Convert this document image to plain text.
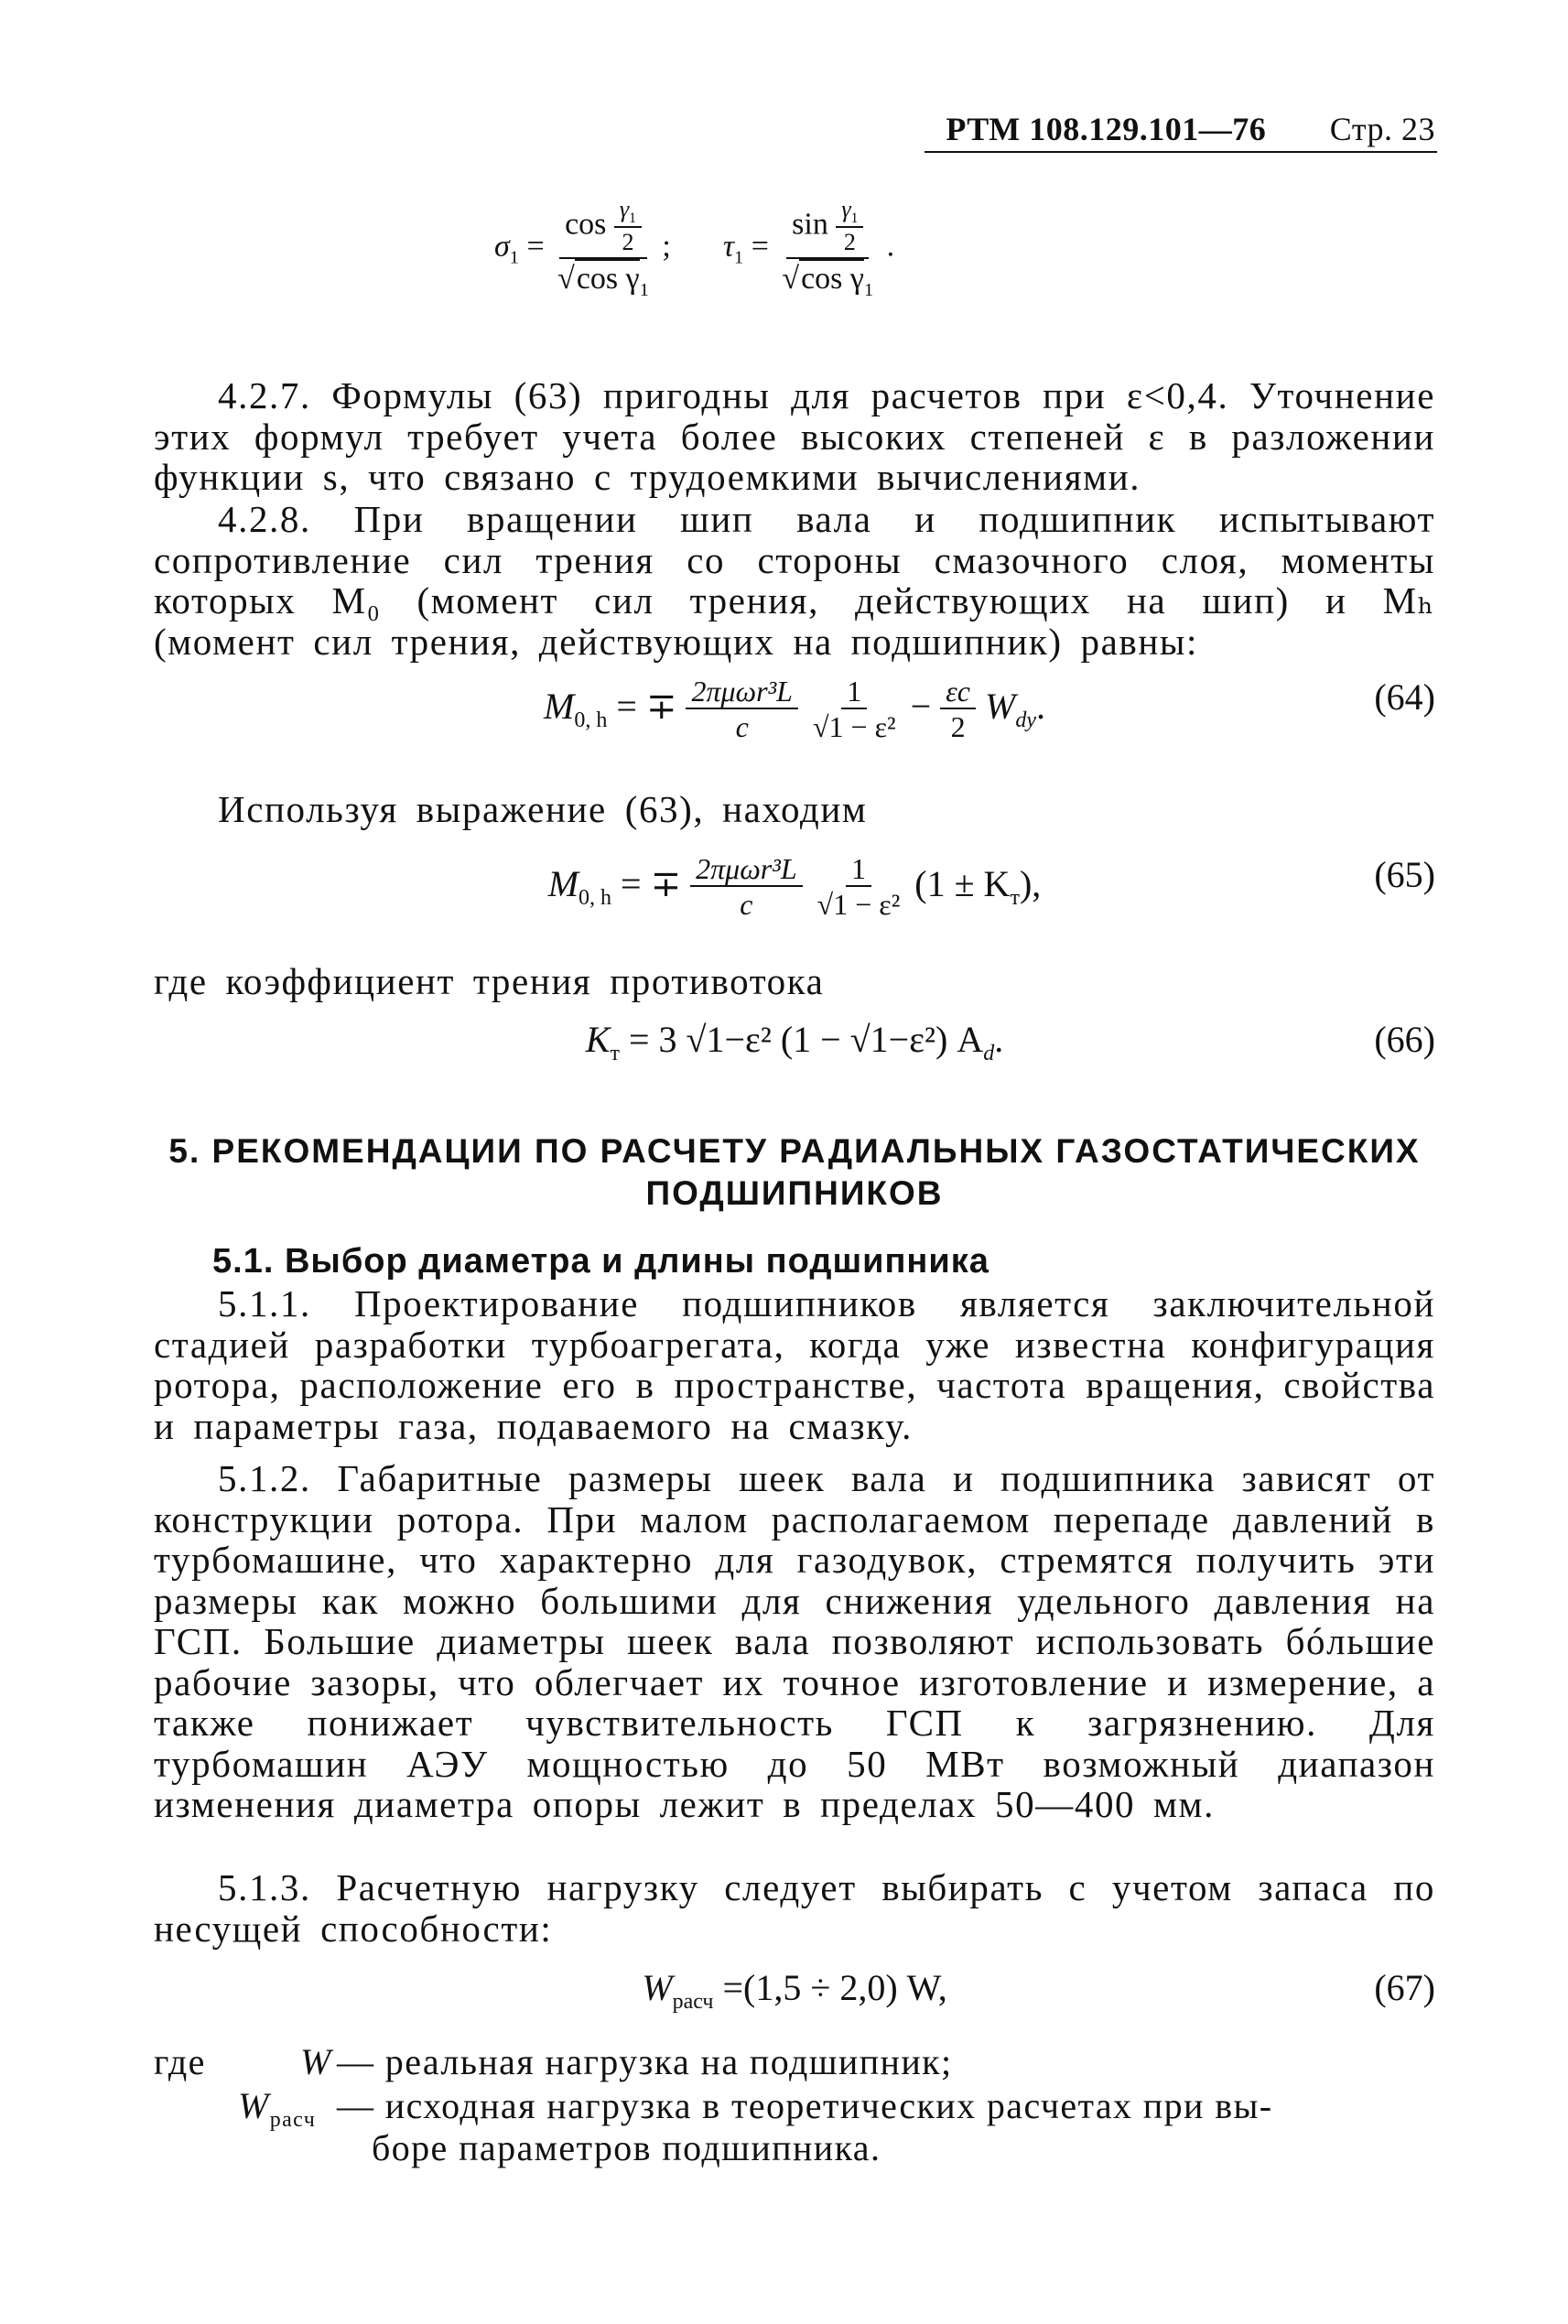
РТМ 108.129.101—76 Стр. 23
$\sigma_1 = \frac{\cos \frac{\gamma_1}{2}}{√\cos \gamma_1}$ ; $\tau_1 = \frac{\sin \frac{\gamma_1}{2}}{√\cos \gamma_1}$ .
4.2.7. Формулы (63) пригодны для расчетов при ε<0,4. Уточнение этих формул требует учета более высоких степеней ε в разложении функции s, что связано с трудоемкими вычислениями.
4.2.8. При вращении шип вала и подшипник испытывают сопротивление сил трения со стороны смазочного слоя, моменты которых M₀ (момент сил трения, действующих на шип) и Mₕ (момент сил трения, действующих на подшипник) равны:
$M_{0, h}$ = ∓ $\frac{\text{2πμωr³L}}{c}$
$\frac{1}{\text{√1 − ε²}} - \frac{\varepsilon c}{2} W_{dy}$.	(64)
Используя выражение (63), находим
$M_{0, h}$ = ∓ $\frac{\text{2πμωr³L}}{c}$
$\frac{1}{\text{√1 − ε²}} (1 \pm K_т)$,	(65)
где коэффициент трения противотока
$K_т = 3$ √1−ε² (1 − √1−ε²) $A_d$.	(66)
5. РЕКОМЕНДАЦИИ ПО РАСЧЕТУ РАДИАЛЬНЫХ ГАЗОСТАТИЧЕСКИХ
ПОДШИПНИКОВ
5.1. Выбор диаметра и длины подшипника
5.1.1. Проектирование подшипников является заключительной стадией разработки турбоагрегата, когда уже известна конфигурация ротора, расположение его в пространстве, частота вращения, свойства и параметры газа, подаваемого на смазку.
5.1.2. Габаритные размеры шеек вала и подшипника зависят от конструкции ротора. При малом располагаемом перепаде давлений в турбомашине, что характерно для газодувок, стремятся получить эти размеры как можно большими для снижения удельного давления на ГСП. Большие диаметры шеек вала позволяют использовать бóльшие рабочие зазоры, что облегчает их точное изготовление и измерение, а также понижает чувствительность ГСП к загрязнению. Для турбомашин АЭУ мощностью до 50 МВт возможный диапазон изменения диаметра опоры лежит в пределах 50—400 мм.
5.1.3. Расчетную нагрузку следует выбирать с учетом запаса по несущей способности:
$W_{расч} =(1,5 \div 2,0)$ W,	(67)
где	W — реальная нагрузка на подшипник;
$W_{расч}$ — исходная нагрузка в теоретических расчетах при вы-
боре параметров подшипника.
